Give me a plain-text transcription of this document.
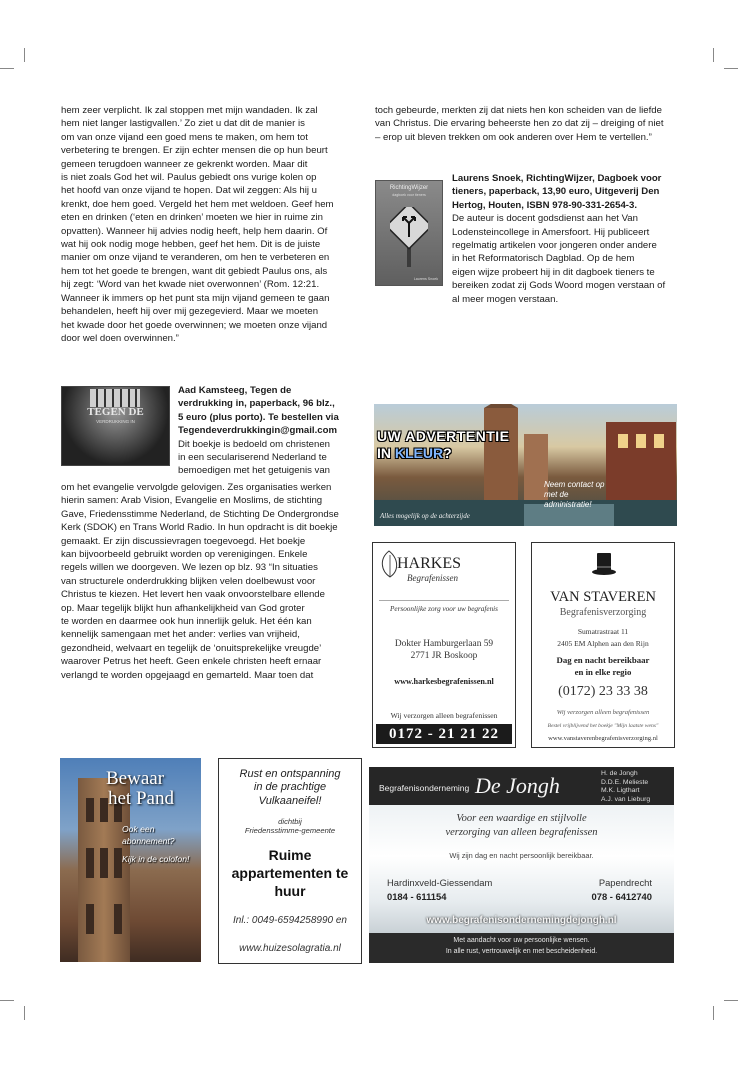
hem zeer verplicht. Ik zal stoppen met mijn wandaden. Ik zal

hem niet langer lastigvallen.’ Zo ziet u dat dit de manier is

om van onze vijand een goed mens te maken, om hem tot

verbetering te brengen. Er zijn echter mensen die op hun beurt

gemeen terugdoen wanneer ze gekrenkt worden. Maar dit

is niet zoals God het wil. Paulus gebiedt ons vurige kolen op

het hoofd van onze vijand te hopen. Dat wil zeggen: Als hij u

krenkt, doe hem goed. Vergeld het hem met weldoen. Geef hem

eten en drinken (‘eten en drinken’ moeten we hier in ruime zin

opvatten). Wanneer hij advies nodig heeft, help hem daarin. Of

wat hij ook nodig moge hebben, geef het hem. Dit is de juiste

manier om onze vijand te veranderen, om hen te verbeteren en

hem tot het goede te brengen, want dit gebiedt Paulus ons, als

hij zegt: ‘Word van het kwade niet overwonnen’ (Rom. 12:21.

Wanneer ik immers op het punt sta mijn vijand gemeen te gaan

behandelen, heeft hij over mij gezegevierd. Maar we moeten

het kwade door het goede overwinnen; we moeten onze vijand

door wel doen overwinnen.”

toch gebeurde, merkten zij dat niets hen kon scheiden van de liefde

van Christus. Die ervaring beheerste hen zo dat zij – dreiging of niet

– erop uit bleven trekken om ook anderen over Hem te vertellen.”

RichtingWijzer
dagboek voor tieners
Laurens Snoek

Laurens Snoek, RichtingWijzer, Dagboek voor

tieners, paperback, 13,90 euro, Uitgeverij Den

Hertog, Houten, ISBN 978-90-331-2654-3.

De auteur is docent godsdienst aan het Van

Lodensteincollege in Amersfoort. Hij publiceert

regelmatig artikelen voor jongeren onder andere

in het Reformatorisch Dagblad. Op de hem

eigen wijze probeert hij in dit dagboek tieners te

bereiken zodat zij Gods Woord mogen verstaan of

al meer mogen verstaan.

TEGEN DE
VERDRUKKING IN

Aad Kamsteeg, Tegen de

verdrukking in, paperback, 96 blz.,

5 euro (plus porto). Te bestellen via

Tegendeverdrukkingin@gmail.com

Dit boekje is bedoeld om christenen

in een seculariserend Nederland te

bemoedigen met het getuigenis van

om het evangelie vervolgde gelovigen. Zes organisaties werken

hierin samen: Arab Vision, Evangelie en Moslims, de stichting

Gave, Friedensstimme Nederland, de Stichting De Ondergrondse

Kerk (SDOK) en Trans World Radio. In hun opdracht is dit boekje

gemaakt. Er zijn discussievragen toegevoegd. Het boekje

kan bijvoorbeeld gebruikt worden op verenigingen. Enkele

regels willen we doorgeven. We lezen op blz. 93 “In situaties

van structurele onderdrukking blijken velen doelbewust voor

Christus te kiezen. Het levert hen vaak onvoorstelbare ellende

op. Maar tegelijk blijkt hun afhankelijkheid van God groter

te worden en daarmee ook hun innerlijk geluk. Het één kan

kennelijk samengaan met het ander: verlies van vrijheid,

gezondheid, welvaart en tegelijk de ‘onuitsprekelijke vreugde’

waarover Petrus het heeft. Geen enkele christen heeft ernaar

verlangd te worden opgejaagd en gemarteld. Maar toen dat

UW ADVERTENTIE
IN KLEUR?
Alles mogelijk op de achterzijde
Neem contact op met de administratie!
HARKES
Begrafenissen
Persoonlijke zorg voor uw begrafenis
Dokter Hamburgerlaan 59
2771 JR Boskoop
www.harkesbegrafenissen.nl
Wij verzorgen alleen begrafenissen
0172 - 21 21 22
VAN STAVEREN
Begrafenisverzorging
Sumatrastraat 11
2405 EM Alphen aan den Rijn
Dag en nacht bereikbaar
en in elke regio
(0172) 23 33 38
Wij verzorgen alleen begrafenissen
Bestel vrijblijvend het boekje "Mijn laatste wens"
www.vanstaverenbegrafenisverzorging.nl
Bewaar
het Pand
Ook een
abonnement?
Kijk in de colofon!
Rust en ontspanning
in de prachtige
Vulkaaneifel!
dichtbij
Friedensstimme-gemeente
Ruime
appartementen te
huur
Inl.: 0049-6594258990 en
www.huizesolagratia.nl
Begrafenisonderneming De Jongh	H. de Jongh
D.D.E. Melieste
M.K. Ligthart
A.J. van Lieburg
Voor een waardige en stijlvolle
verzorging van alleen begrafenissen
Wij zijn dag en nacht persoonlijk bereikbaar.
Hardinxveld-Giessendam
0184 - 611154
Papendrecht
078 - 6412740
www.begrafenisondernemingdejongh.nl
Met aandacht voor uw persoonlijke wensen.
In alle rust, vertrouwelijk en met bescheidenheid.
